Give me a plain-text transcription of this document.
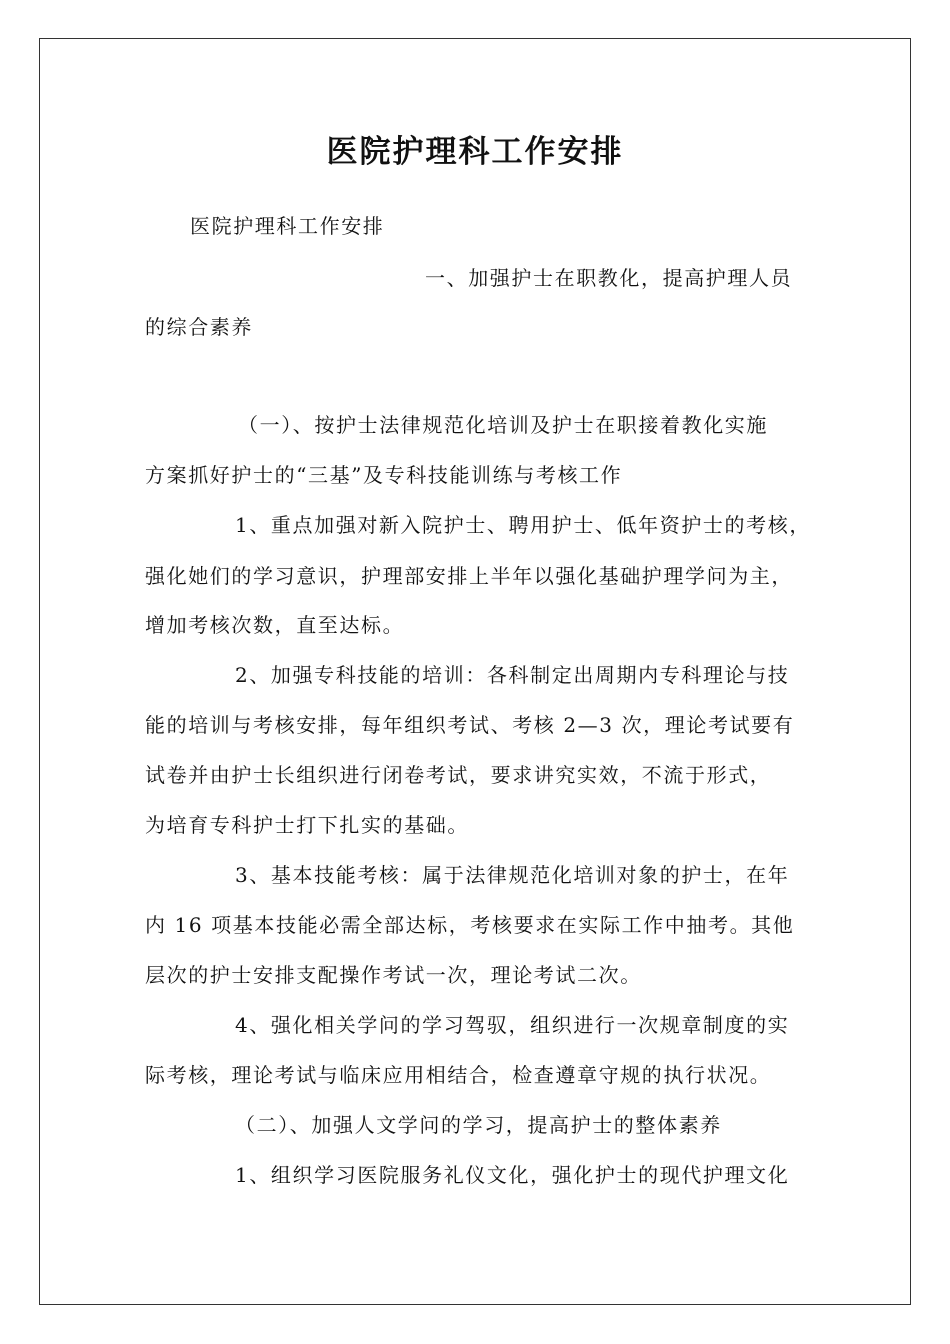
医院护理科工作安排
医院护理科工作安排
一、加强护士在职教化，提高护理人员
的综合素养
（一）、按护士法律规范化培训及护士在职接着教化实施
方案抓好护士的“三基”及专科技能训练与考核工作
1、重点加强对新入院护士、聘用护士、低年资护士的考核，
强化她们的学习意识，护理部安排上半年以强化基础护理学问为主，
增加考核次数，直至达标。
2、加强专科技能的培训：各科制定出周期内专科理论与技
能的培训与考核安排，每年组织考试、考核 2—3 次，理论考试要有
试卷并由护士长组织进行闭卷考试，要求讲究实效，不流于形式，
为培育专科护士打下扎实的基础。
3、基本技能考核：属于法律规范化培训对象的护士，在年
内 16 项基本技能必需全部达标，考核要求在实际工作中抽考。其他
层次的护士安排支配操作考试一次，理论考试二次。
4、强化相关学问的学习驾驭，组织进行一次规章制度的实
际考核，理论考试与临床应用相结合，检查遵章守规的执行状况。
（二）、加强人文学问的学习，提高护士的整体素养
1、组织学习医院服务礼仪文化，强化护士的现代护理文化
